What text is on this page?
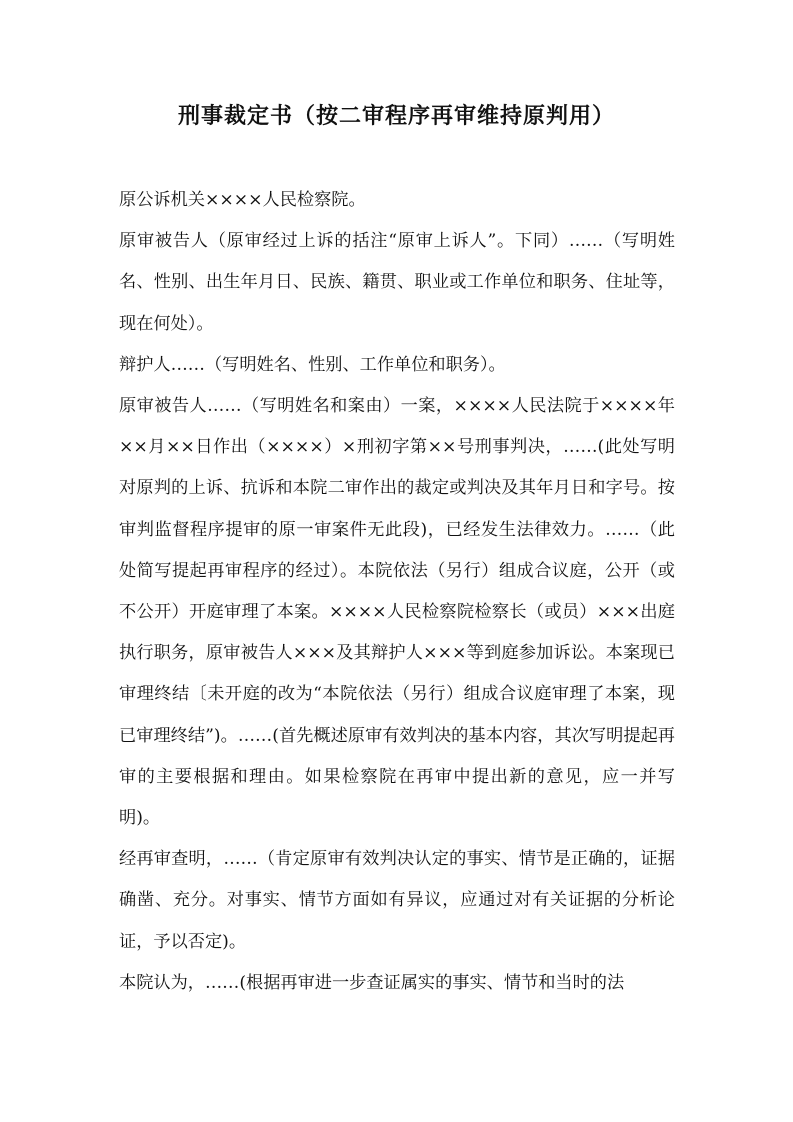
刑事裁定书（按二审程序再审维持原判用）

原公诉机关××××人民检察院。

原审被告人（原审经过上诉的括注“原审上诉人”。下同）……（写明姓名、性别、出生年月日、民族、籍贯、职业或工作单位和职务、住址等，现在何处）。

辩护人……（写明姓名、性别、工作单位和职务）。

原审被告人……（写明姓名和案由）一案，××××人民法院于××××年××月××日作出（××××）×刑初字第××号刑事判决，……(此处写明对原判的上诉、抗诉和本院二审作出的裁定或判决及其年月日和字号。按审判监督程序提审的原一审案件无此段)，已经发生法律效力。……（此处简写提起再审程序的经过）。本院依法（另行）组成合议庭，公开（或不公开）开庭审理了本案。××××人民检察院检察长（或员）×××出庭执行职务，原审被告人×××及其辩护人×××等到庭参加诉讼。本案现已审理终结〔未开庭的改为“本院依法（另行）组成合议庭审理了本案，现已审理终结”)。……(首先概述原审有效判决的基本内容，其次写明提起再审的主要根据和理由。如果检察院在再审中提出新的意见，应一并写明)。

经再审查明，……（肯定原审有效判决认定的事实、情节是正确的，证据确凿、充分。对事实、情节方面如有异议，应通过对有关证据的分析论证，予以否定)。

本院认为，……(根据再审进一步查证属实的事实、情节和当时的法
